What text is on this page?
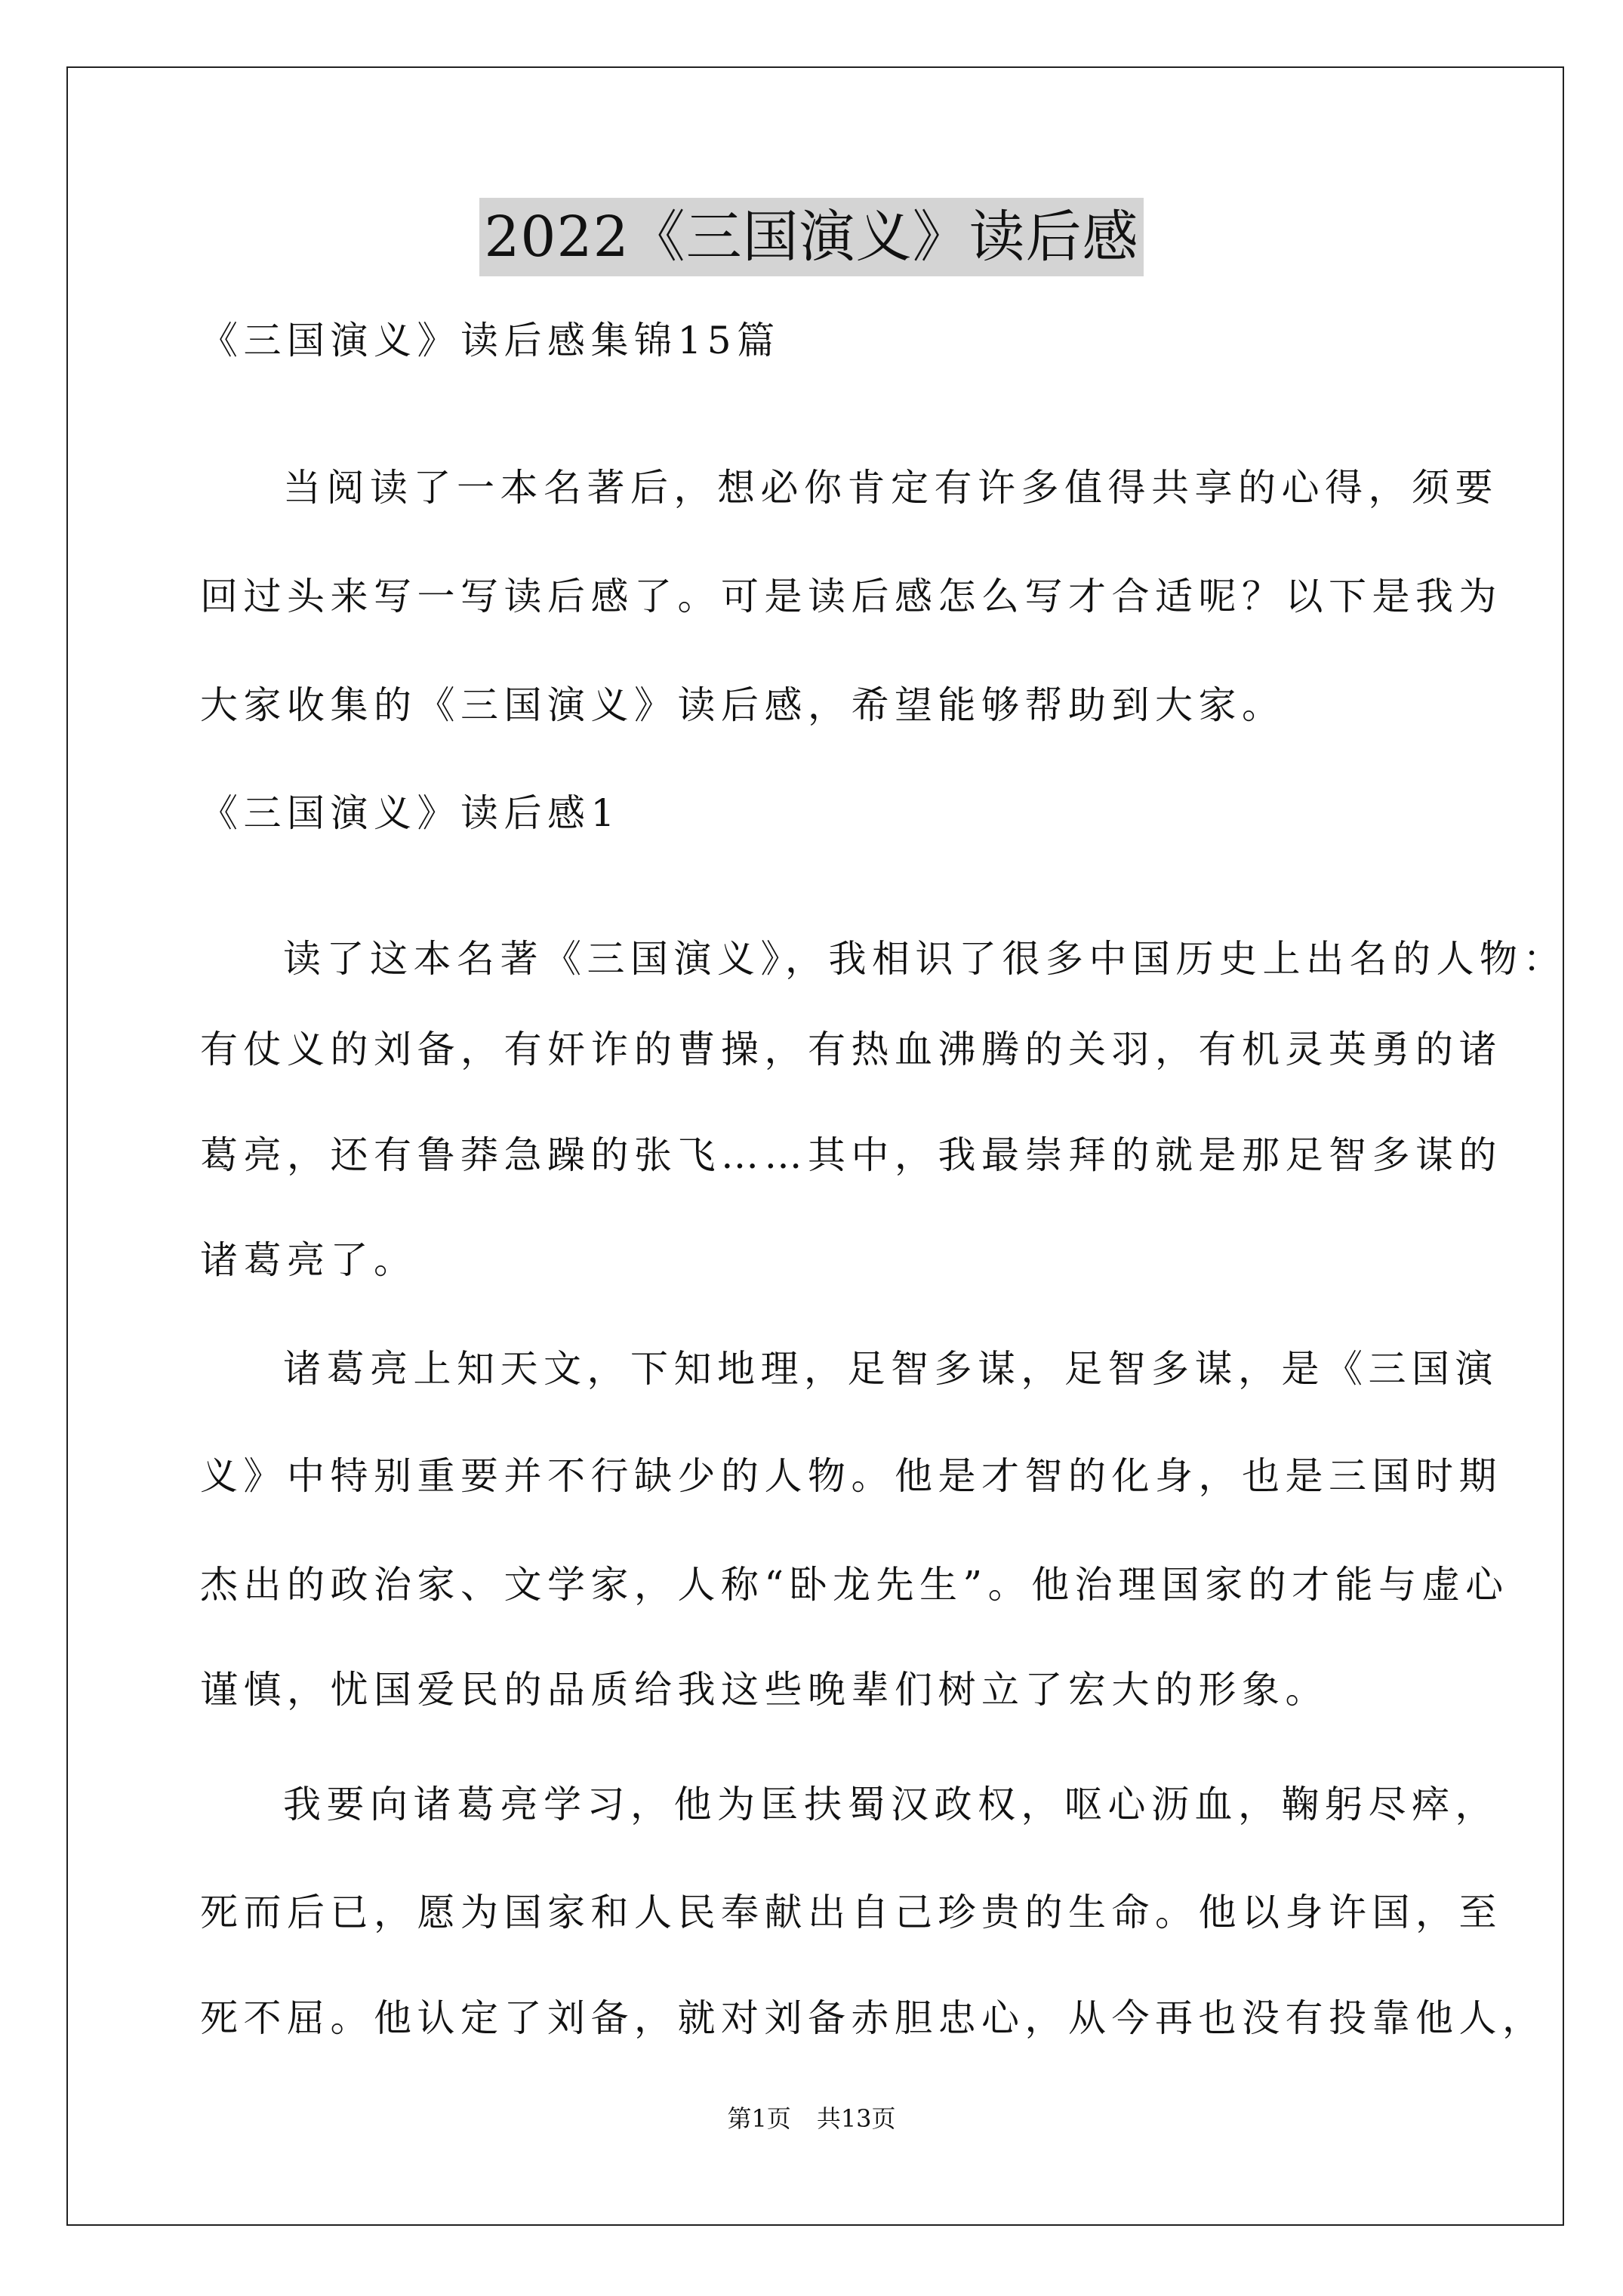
2022《三国演义》读后感
《三国演义》读后感集锦15篇
当阅读了一本名著后，想必你肯定有许多值得共享的心得，须要
回过头来写一写读后感了。可是读后感怎么写才合适呢？以下是我为
大家收集的《三国演义》读后感，希望能够帮助到大家。
《三国演义》读后感1
读了这本名著《三国演义》，我相识了很多中国历史上出名的人物：
有仗义的刘备，有奸诈的曹操，有热血沸腾的关羽，有机灵英勇的诸
葛亮，还有鲁莽急躁的张飞……其中，我最崇拜的就是那足智多谋的
诸葛亮了。
诸葛亮上知天文，下知地理，足智多谋，足智多谋，是《三国演
义》中特别重要并不行缺少的人物。他是才智的化身，也是三国时期
杰出的政治家、文学家，人称“卧龙先生”。他治理国家的才能与虚心
谨慎，忧国爱民的品质给我这些晚辈们树立了宏大的形象。
我要向诸葛亮学习，他为匡扶蜀汉政权，呕心沥血，鞠躬尽瘁，
死而后已，愿为国家和人民奉献出自己珍贵的生命。他以身许国，至
死不屈。他认定了刘备，就对刘备赤胆忠心，从今再也没有投靠他人，
第1页 共13页
